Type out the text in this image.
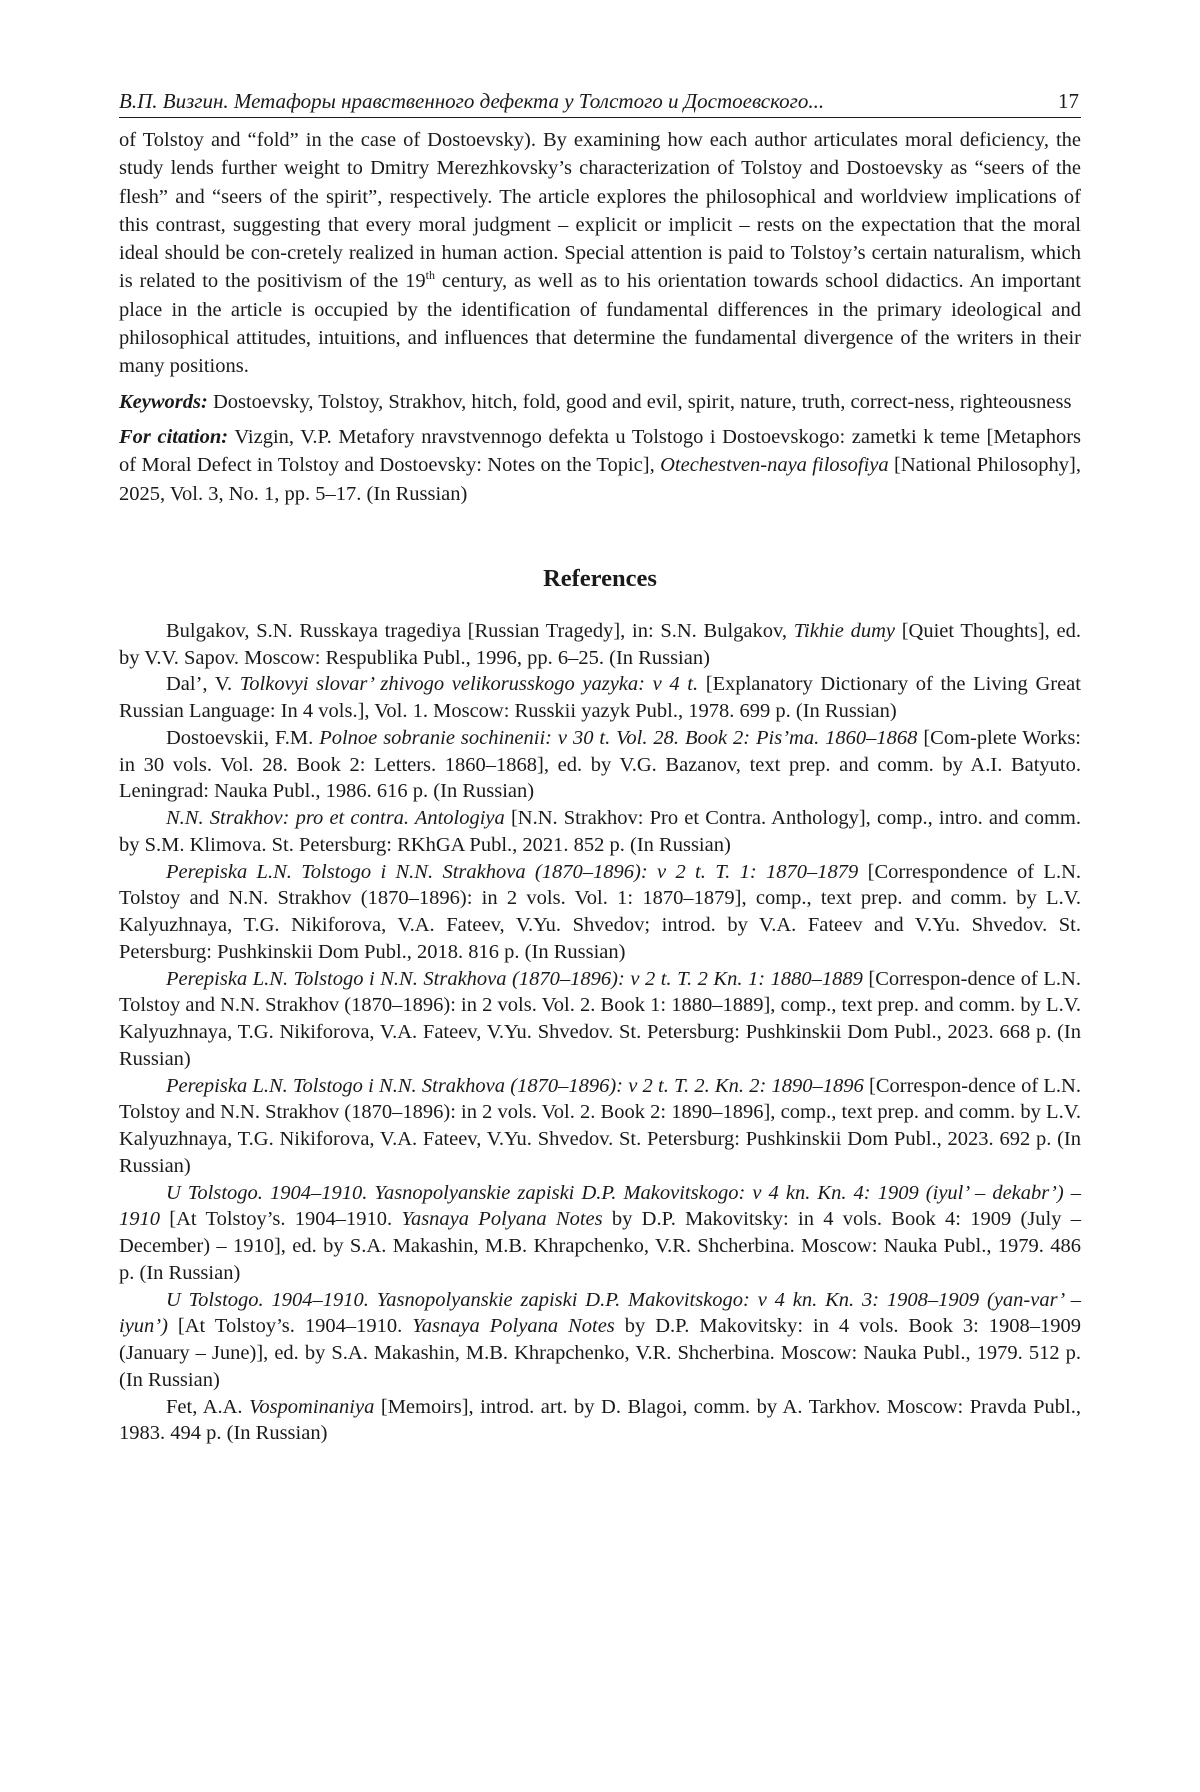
В.П. Визгин. Метафоры нравственного дефекта у Толстого и Достоевского...	17

of Tolstoy and “fold” in the case of Dostoevsky). By examining how each author articulates moral deficiency, the study lends further weight to Dmitry Merezhkovsky’s characterization of Tolstoy and Dostoevsky as “seers of the flesh” and “seers of the spirit”, respectively. The article explores the philosophical and worldview implications of this contrast, suggesting that every moral judgment – explicit or implicit – rests on the expectation that the moral ideal should be con-cretely realized in human action. Special attention is paid to Tolstoy’s certain naturalism, which is related to the positivism of the 19th century, as well as to his orientation towards school didactics. An important place in the article is occupied by the identification of fundamental differences in the primary ideological and philosophical attitudes, intuitions, and influences that determine the fundamental divergence of the writers in their many positions.

Keywords: Dostoevsky, Tolstoy, Strakhov, hitch, fold, good and evil, spirit, nature, truth, correct-ness, righteousness

For citation: Vizgin, V.P. Metafory nravstvennogo defekta u Tolstogo i Dostoevskogo: zametki k teme [Metaphors of Moral Defect in Tolstoy and Dostoevsky: Notes on the Topic], Otechestven-naya filosofiya [National Philosophy], 2025, Vol. 3, No. 1, pp. 5–17. (In Russian)

References

Bulgakov, S.N. Russkaya tragediya [Russian Tragedy], in: S.N. Bulgakov, Tikhie dumy [Quiet Thoughts], ed. by V.V. Sapov. Moscow: Respublika Publ., 1996, pp. 6–25. (In Russian)

Dal’, V. Tolkovyi slovar’ zhivogo velikorusskogo yazyka: v 4 t. [Explanatory Dictionary of the Living Great Russian Language: In 4 vols.], Vol. 1. Moscow: Russkii yazyk Publ., 1978. 699 p. (In Russian)

Dostoevskii, F.M. Polnoe sobranie sochinenii: v 30 t. Vol. 28. Book 2: Pis’ma. 1860–1868 [Com-plete Works: in 30 vols. Vol. 28. Book 2: Letters. 1860–1868], ed. by V.G. Bazanov, text prep. and comm. by A.I. Batyuto. Leningrad: Nauka Publ., 1986. 616 p. (In Russian)

N.N. Strakhov: pro et contra. Antologiya [N.N. Strakhov: Pro et Contra. Anthology], comp., intro. and comm. by S.M. Klimova. St. Petersburg: RKhGA Publ., 2021. 852 p. (In Russian)

Perepiska L.N. Tolstogo i N.N. Strakhova (1870–1896): v 2 t. T. 1: 1870–1879 [Correspondence of L.N. Tolstoy and N.N. Strakhov (1870–1896): in 2 vols. Vol. 1: 1870–1879], comp., text prep. and comm. by L.V. Kalyuzhnaya, T.G. Nikiforova, V.A. Fateev, V.Yu. Shvedov; introd. by V.A. Fateev and V.Yu. Shvedov. St. Petersburg: Pushkinskii Dom Publ., 2018. 816 p. (In Russian)

Perepiska L.N. Tolstogo i N.N. Strakhova (1870–1896): v 2 t. T. 2 Kn. 1: 1880–1889 [Correspon-dence of L.N. Tolstoy and N.N. Strakhov (1870–1896): in 2 vols. Vol. 2. Book 1: 1880–1889], comp., text prep. and comm. by L.V. Kalyuzhnaya, T.G. Nikiforova, V.A. Fateev, V.Yu. Shvedov. St. Petersburg: Pushkinskii Dom Publ., 2023. 668 p. (In Russian)

Perepiska L.N. Tolstogo i N.N. Strakhova (1870–1896): v 2 t. T. 2. Kn. 2: 1890–1896 [Correspon-dence of L.N. Tolstoy and N.N. Strakhov (1870–1896): in 2 vols. Vol. 2. Book 2: 1890–1896], comp., text prep. and comm. by L.V. Kalyuzhnaya, T.G. Nikiforova, V.A. Fateev, V.Yu. Shvedov. St. Petersburg: Pushkinskii Dom Publ., 2023. 692 p. (In Russian)

U Tolstogo. 1904–1910. Yasnopolyanskie zapiski D.P. Makovitskogo: v 4 kn. Kn. 4: 1909 (iyul’ – dekabr’) – 1910 [At Tolstoy’s. 1904–1910. Yasnaya Polyana Notes by D.P. Makovitsky: in 4 vols. Book 4: 1909 (July – December) – 1910], ed. by S.A. Makashin, M.B. Khrapchenko, V.R. Shcherbina. Moscow: Nauka Publ., 1979. 486 p. (In Russian)

U Tolstogo. 1904–1910. Yasnopolyanskie zapiski D.P. Makovitskogo: v 4 kn. Kn. 3: 1908–1909 (yan-var’ – iyun’) [At Tolstoy’s. 1904–1910. Yasnaya Polyana Notes by D.P. Makovitsky: in 4 vols. Book 3: 1908–1909 (January – June)], ed. by S.A. Makashin, M.B. Khrapchenko, V.R. Shcherbina. Moscow: Nauka Publ., 1979. 512 p. (In Russian)

Fet, A.A. Vospominaniya [Memoirs], introd. art. by D. Blagoi, comm. by A. Tarkhov. Moscow: Pravda Publ., 1983. 494 p. (In Russian)
